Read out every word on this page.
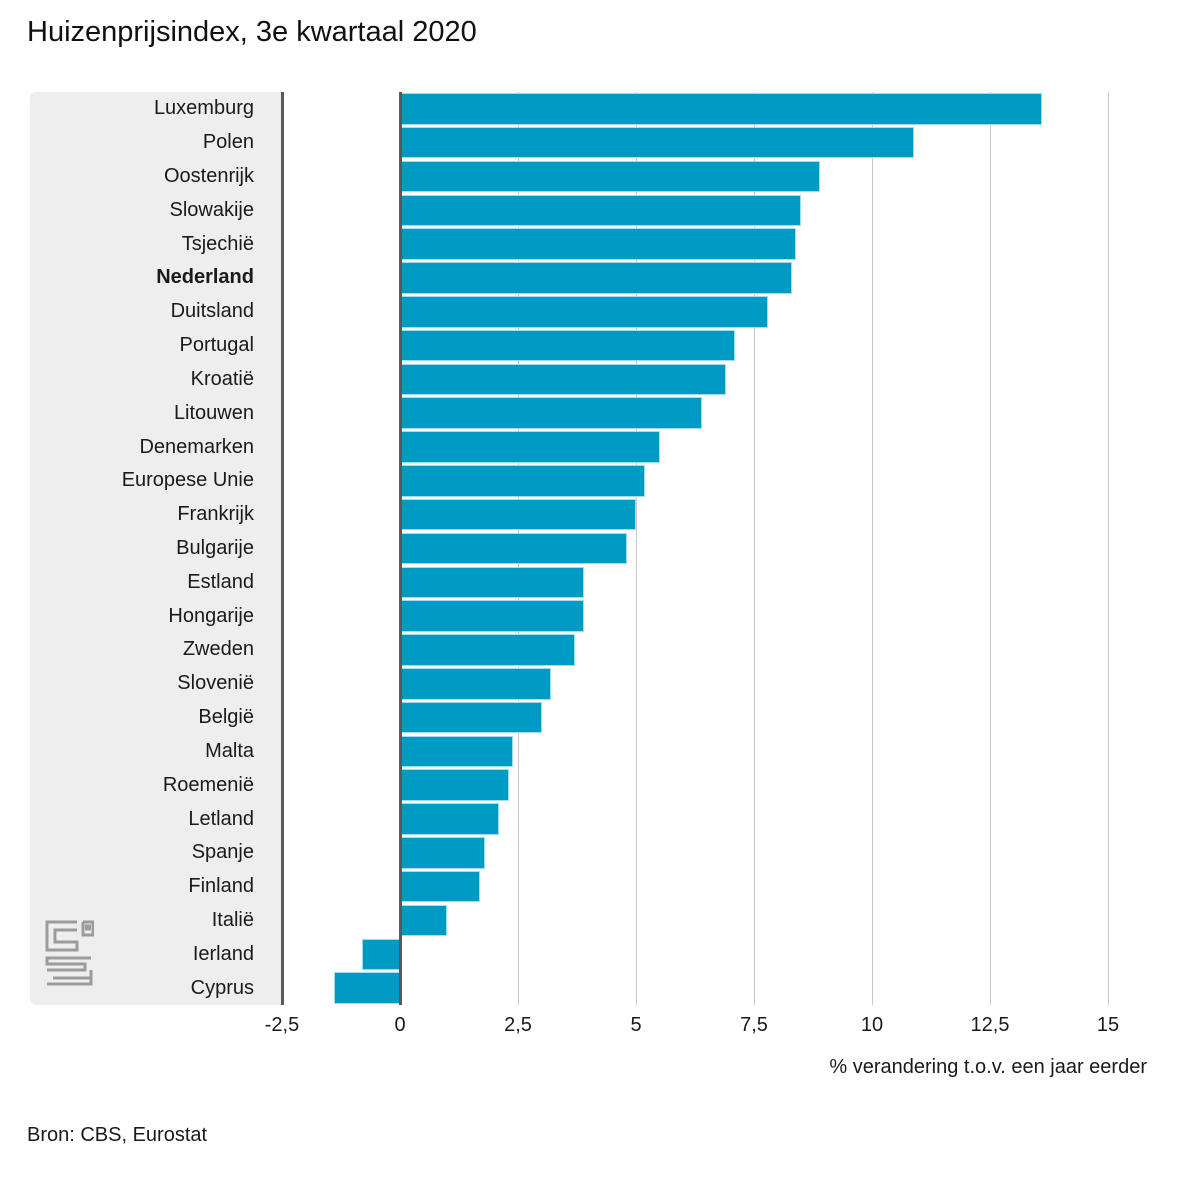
Huizenprijsindex, 3e kwartaal 2020
Luxemburg
Polen
Oostenrijk
Slowakije
Tsjechië
Nederland
Duitsland
Portugal
Kroatië
Litouwen
Denemarken
Europese Unie
Frankrijk
Bulgarije
Estland
Hongarije
Zweden
Slovenië
België
Malta
Roemenië
Letland
Spanje
Finland
Italië
Ierland
Cyprus
-2,5	0	2,5	5	7,5	10	12,5	15
% verandering t.o.v. een jaar eerder
Bron: CBS, Eurostat
